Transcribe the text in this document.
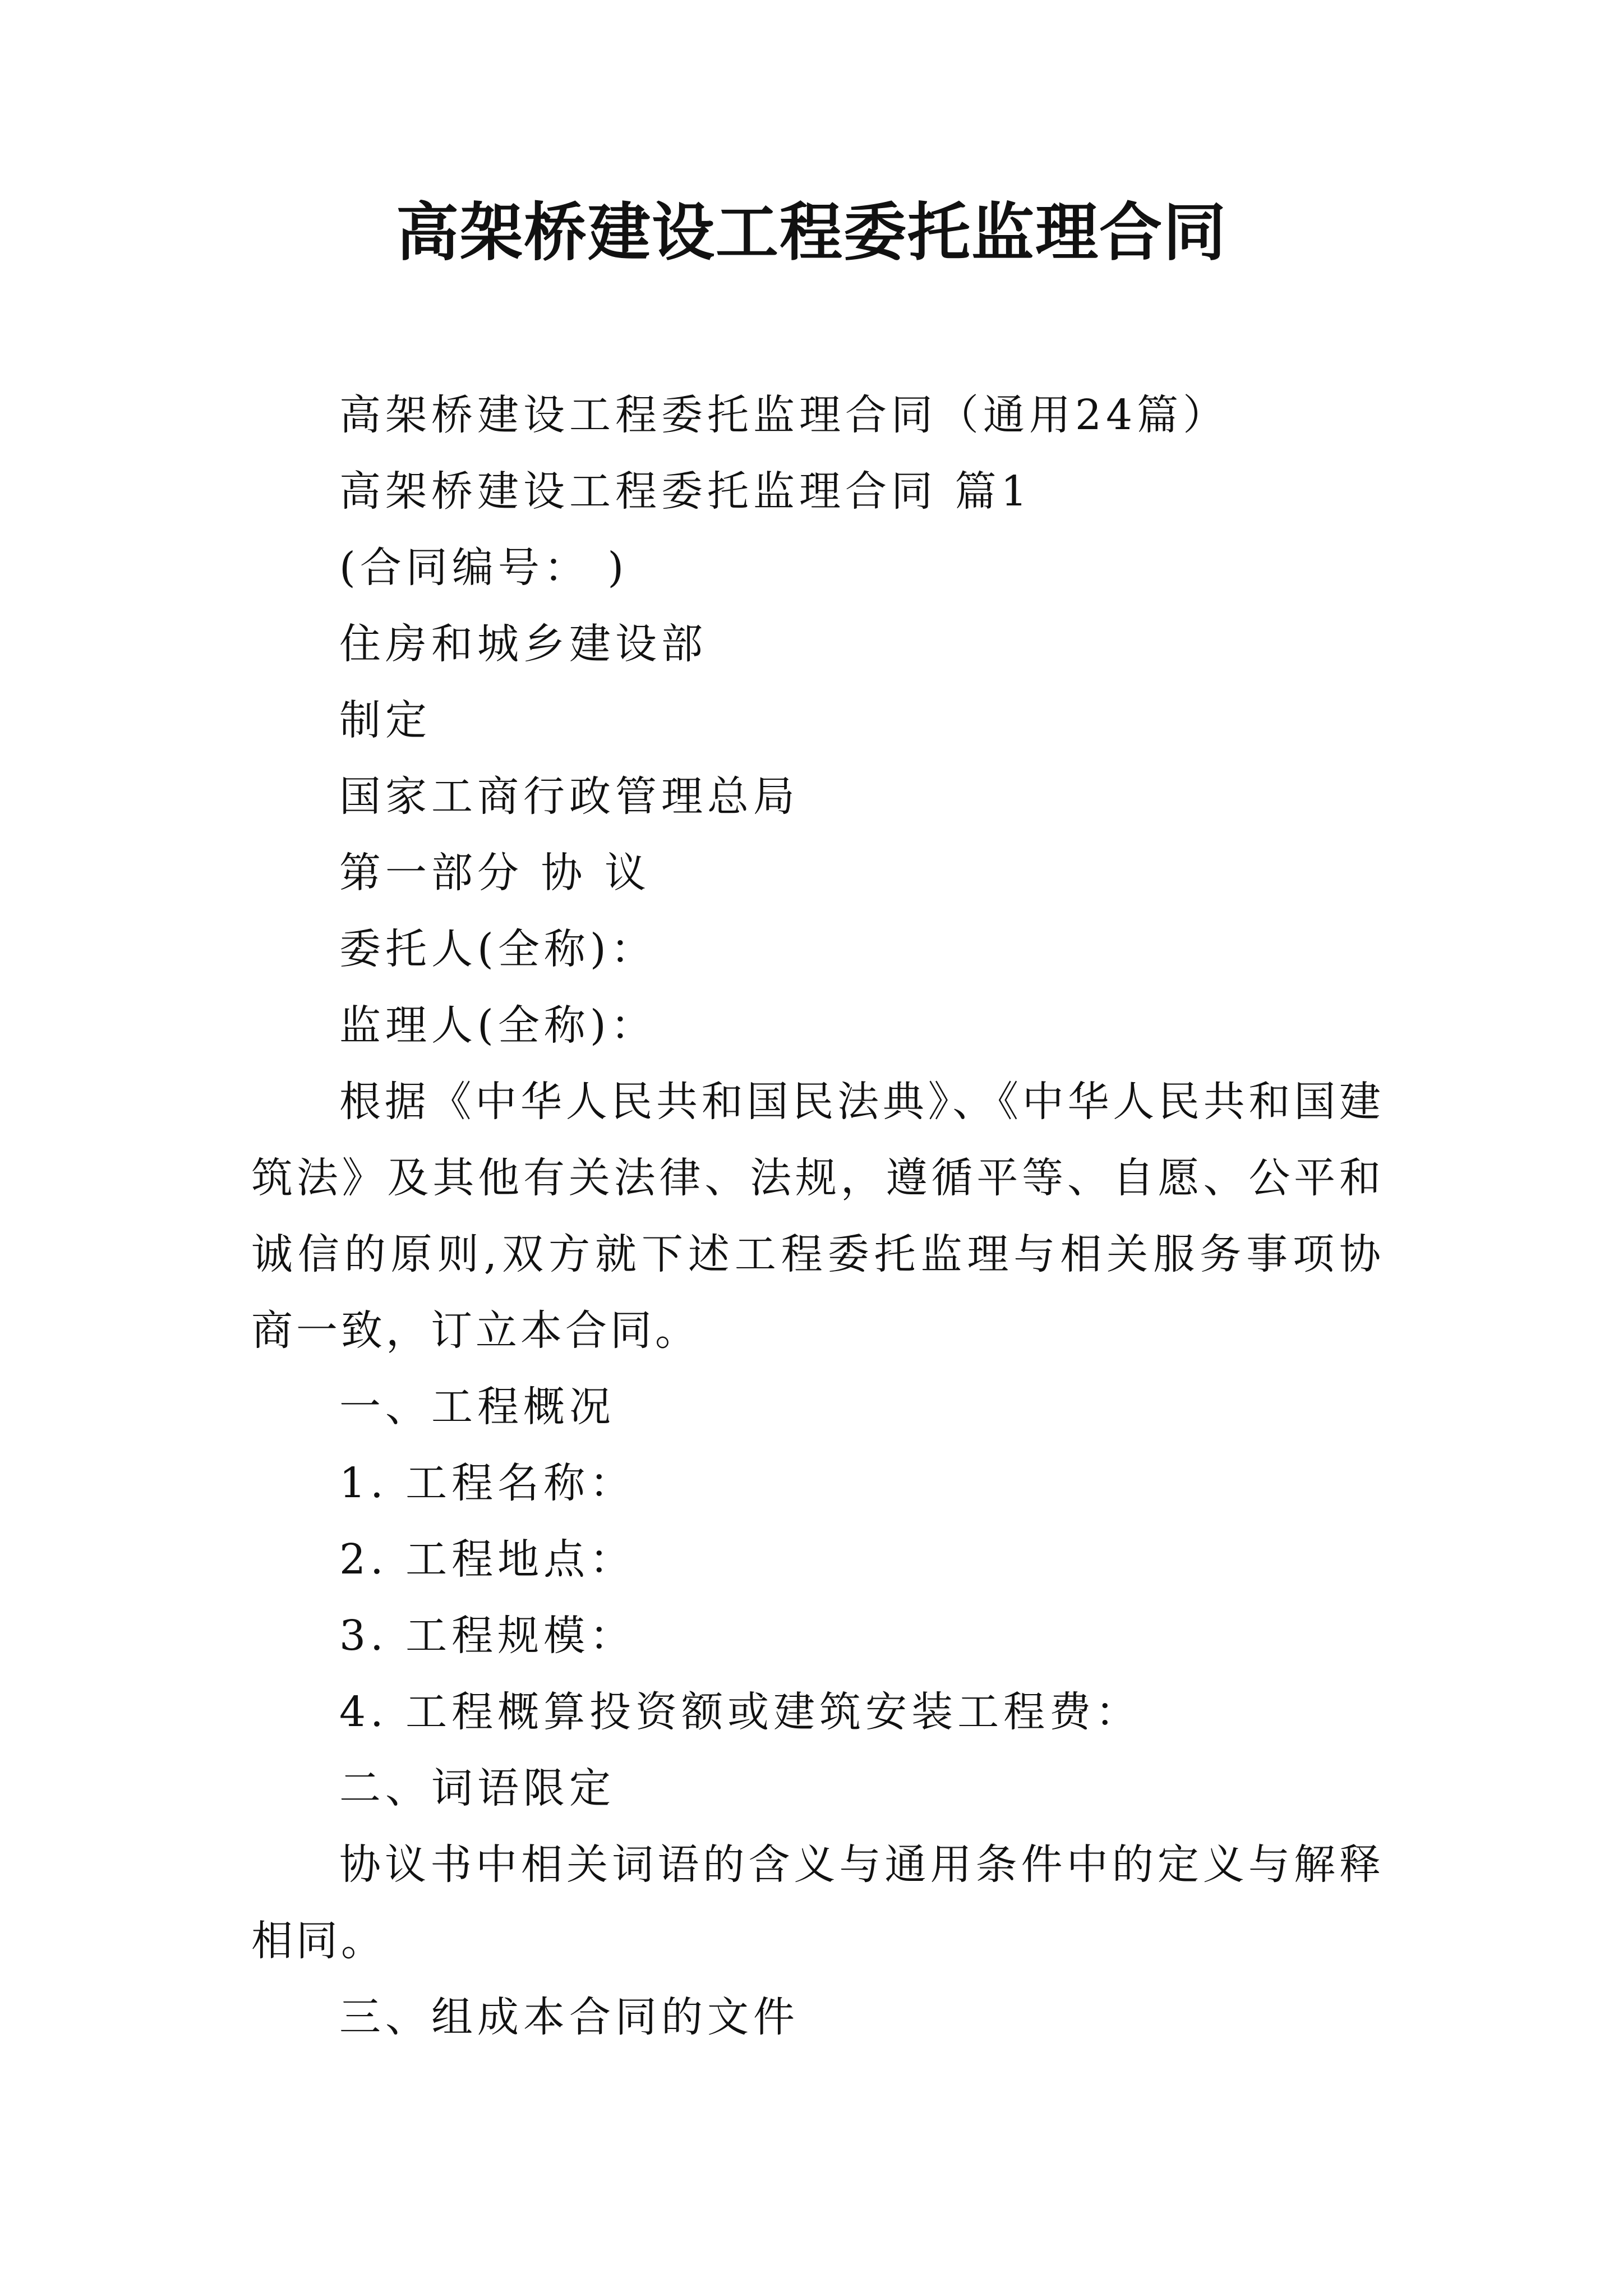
高架桥建设工程委托监理合同
高架桥建设工程委托监理合同（通用24篇）
高架桥建设工程委托监理合同 篇1
(合同编号： )
住房和城乡建设部
制定
国家工商行政管理总局
第一部分 协 议
委托人(全称)：
监理人(全称)：
根据《中华人民共和国民法典》、《中华人民共和国建筑法》及其他有关法律、法规，遵循平等、自愿、公平和诚信的原则,双方就下述工程委托监理与相关服务事项协商一致，订立本合同。
一、工程概况
1. 工程名称：
2. 工程地点：
3. 工程规模：
4. 工程概算投资额或建筑安装工程费：
二、词语限定
协议书中相关词语的含义与通用条件中的定义与解释相同。
三、组成本合同的文件
